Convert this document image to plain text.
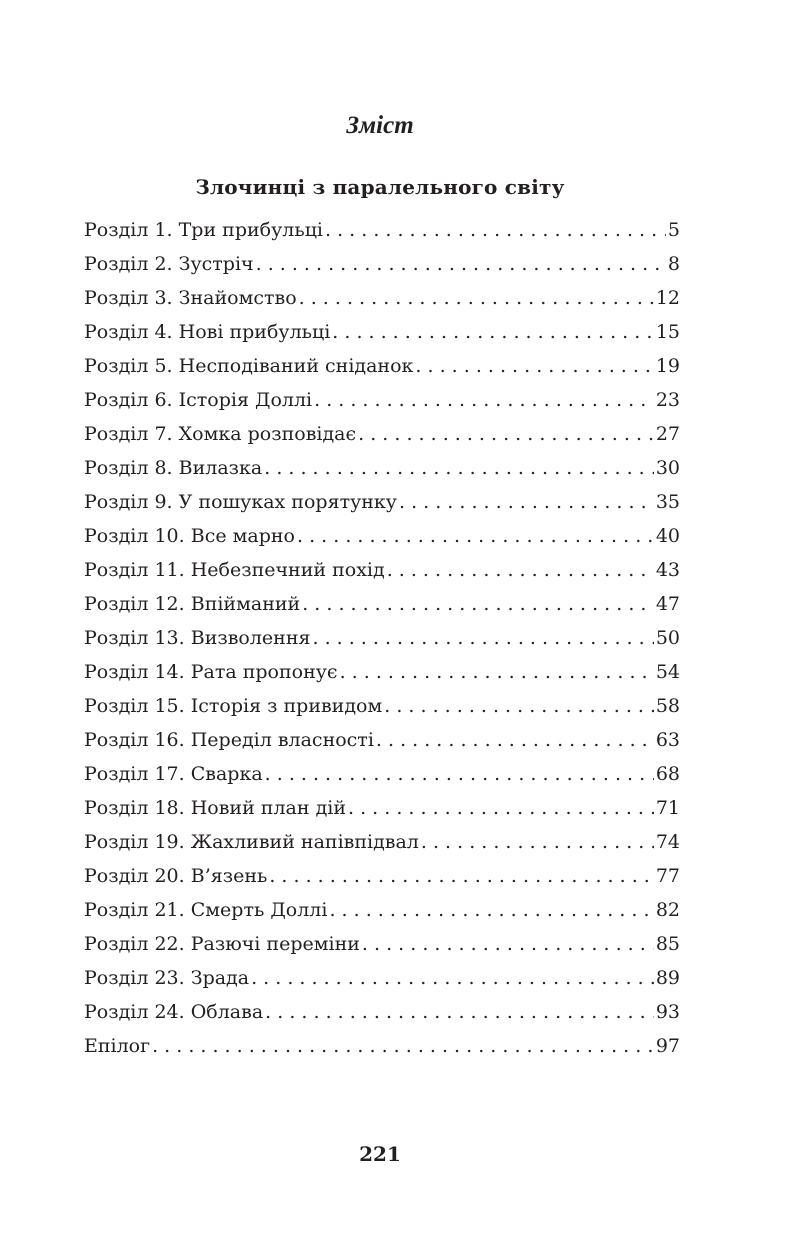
Зміст
Злочинці з паралельного світу
Розділ 1. Три прибульці . . .	5
Розділ 2. Зустріч . . .	8
Розділ 3. Знайомство . . .	12
Розділ 4. Нові прибульці . . .	15
Розділ 5. Несподіваний сніданок . . .	19
Розділ 6. Історія Доллі . . .	23
Розділ 7. Хомка розповідає . . .	27
Розділ 8. Вилазка . . .	30
Розділ 9. У пошуках порятунку . . .	35
Розділ 10. Все марно . . .	40
Розділ 11. Небезпечний похід . . .	43
Розділ 12. Впійманий . . .	47
Розділ 13. Визволення . . .	50
Розділ 14. Рата пропонує . . .	54
Розділ 15. Історія з привидом . . .	58
Розділ 16. Переділ власності . . .	63
Розділ 17. Сварка . . .	68
Розділ 18. Новий план дій . . .	71
Розділ 19. Жахливий напівпідвал . . .	74
Розділ 20. В’язень . . .	77
Розділ 21. Смерть Доллі . . .	82
Розділ 22. Разючі переміни . . .	85
Розділ 23. Зрада . . .	89
Розділ 24. Облава . . .	93
Епілог . . .	97

221
